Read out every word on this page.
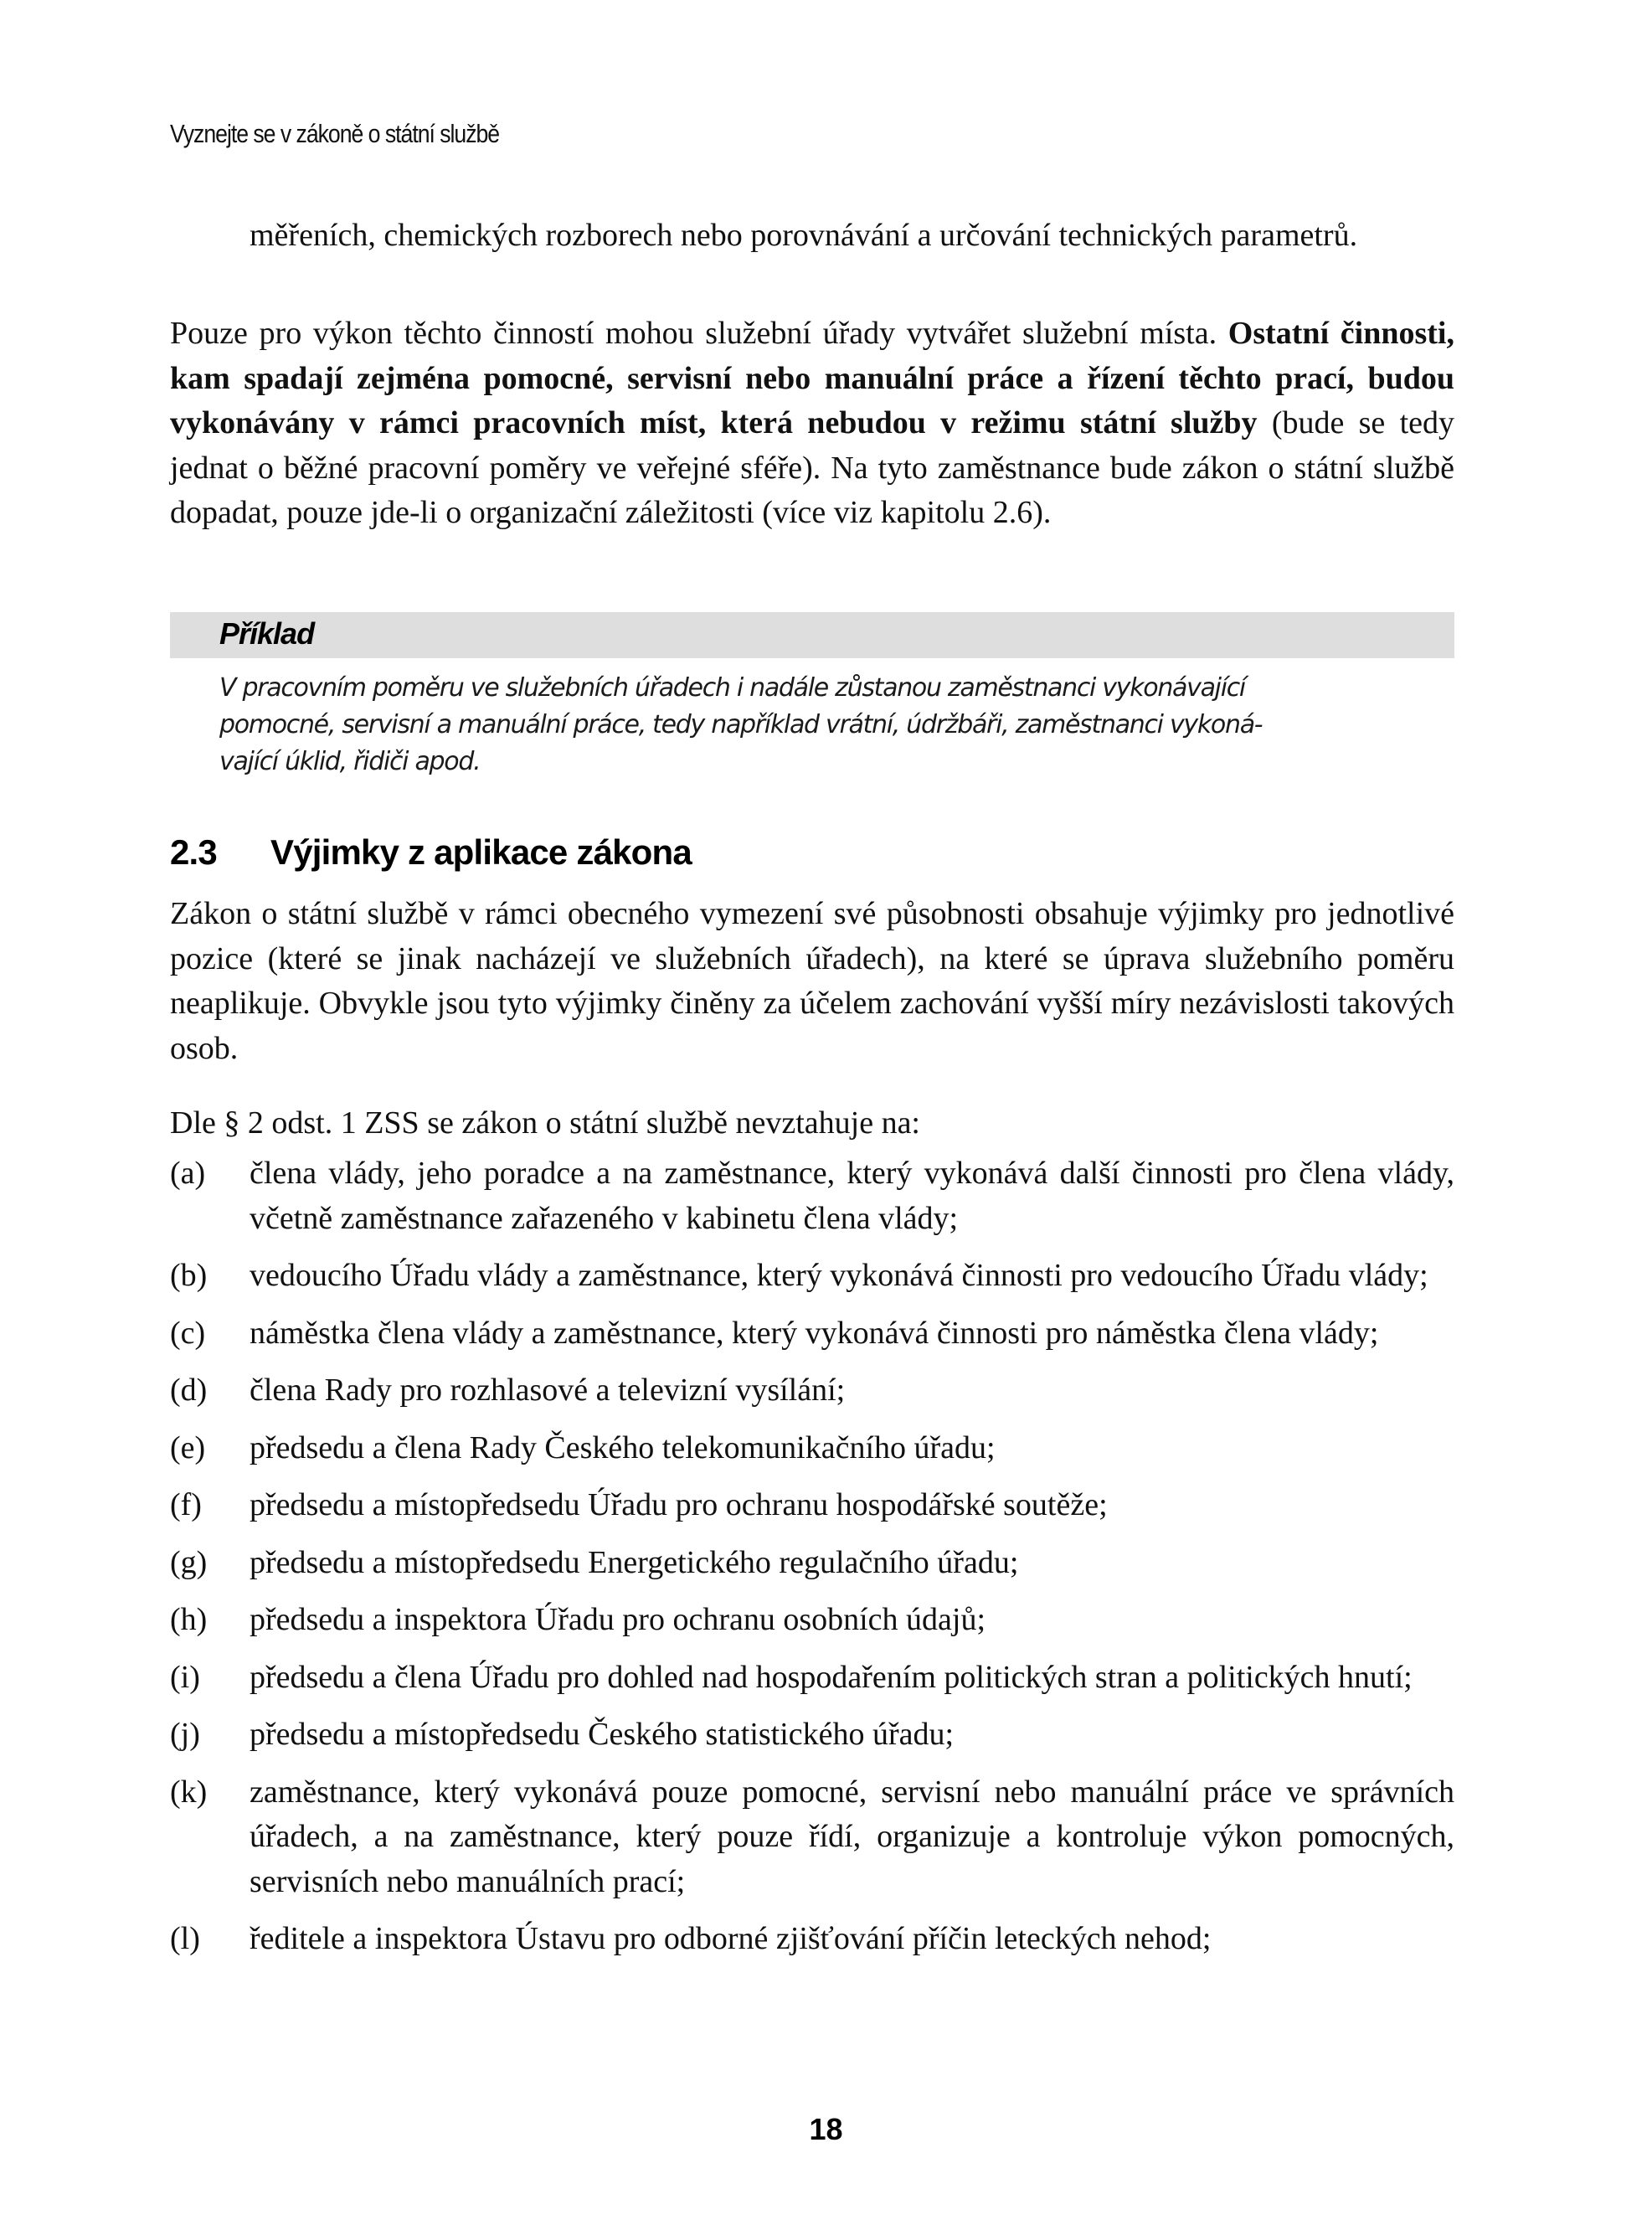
Vyznejte se v zákoně o státní službě

měřeních, chemických rozborech nebo porovnávání a určování technických parametrů.

Pouze pro výkon těchto činností mohou služební úřady vytvářet služební místa. Ostatní činnosti, kam spadají zejména pomocné, servisní nebo manuální práce a řízení těchto prací, budou vykonávány v rámci pracovních míst, která nebudou v režimu státní služby (bude se tedy jednat o běžné pracovní poměry ve veřejné sféře). Na tyto zaměstnance bude zákon o státní službě dopadat, pouze jde-li o organizační záležitosti (více viz kapitolu 2.6).

Příklad
V pracovním poměru ve služebních úřadech i nadále zůstanou zaměstnanci vykonávající
pomocné, servisní a manuální práce, tedy například vrátní, údržbáři, zaměstnanci vykoná-
vající úklid, řidiči apod.
2.3 Výjimky z aplikace zákona

Zákon o státní službě v rámci obecného vymezení své působnosti obsahuje výjimky pro jednotlivé pozice (které se jinak nacházejí ve služebních úřadech), na které se úprava služebního poměru neaplikuje. Obvykle jsou tyto výjimky činěny za účelem zachování vyšší míry nezávislosti takových osob.

Dle § 2 odst. 1 ZSS se zákon o státní službě nevztahuje na:

(a) člena vlády, jeho poradce a na zaměstnance, který vykonává další činnosti pro člena vlády, včetně zaměstnance zařazeného v kabinetu člena vlády;
(b) vedoucího Úřadu vlády a zaměstnance, který vykonává činnosti pro vedoucího Úřadu vlády;
(c) náměstka člena vlády a zaměstnance, který vykonává činnosti pro náměstka člena vlády;
(d) člena Rady pro rozhlasové a televizní vysílání;
(e) předsedu a člena Rady Českého telekomunikačního úřadu;
(f) předsedu a místopředsedu Úřadu pro ochranu hospodářské soutěže;
(g) předsedu a místopředsedu Energetického regulačního úřadu;
(h) předsedu a inspektora Úřadu pro ochranu osobních údajů;
(i) předsedu a člena Úřadu pro dohled nad hospodařením politických stran a politických hnutí;
(j) předsedu a místopředsedu Českého statistického úřadu;
(k) zaměstnance, který vykonává pouze pomocné, servisní nebo manuální práce ve správních úřadech, a na zaměstnance, který pouze řídí, organizuje a kontroluje výkon pomocných, servisních nebo manuálních prací;
(l) ředitele a inspektora Ústavu pro odborné zjišťování příčin leteckých nehod;
18
